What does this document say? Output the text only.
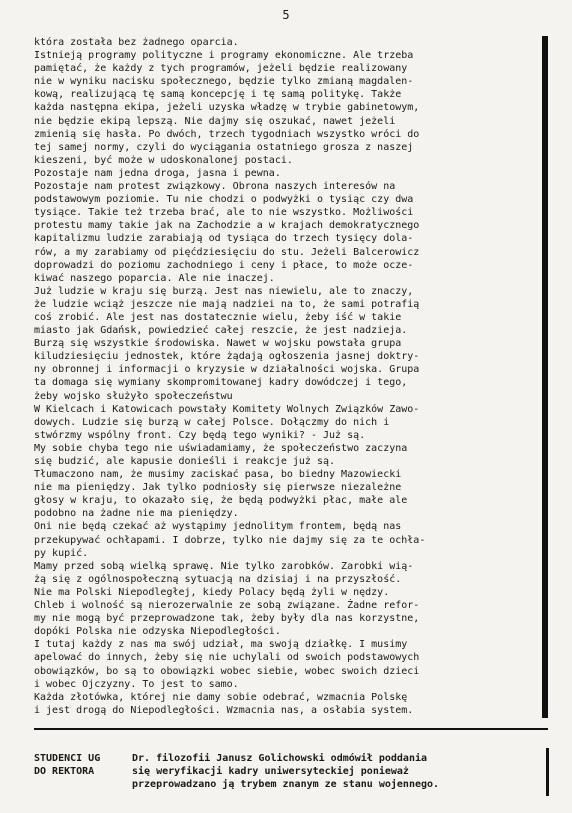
5

która została bez żadnego oparcia.

Istnieją programy polityczne i programy ekonomiczne. Ale trzeba

pamiętać, że każdy z tych programów, jeżeli będzie realizowany

nie w wyniku nacisku społecznego, będzie tylko zmianą magdalen-

kową, realizującą tę samą koncepcję i tę samą politykę. Także

każda następna ekipa, jeżeli uzyska władzę w trybie gabinetowym,

nie będzie ekipą lepszą. Nie dajmy się oszukać, nawet jeżeli

zmienią się hasła. Po dwóch, trzech tygodniach wszystko wróci do

tej samej normy, czyli do wyciągania ostatniego grosza z naszej

kieszeni, być może w udoskonalonej postaci.

Pozostaje nam jedna droga, jasna i pewna.

Pozostaje nam protest związkowy. Obrona naszych interesów na

podstawowym poziomie. Tu nie chodzi o podwyżki o tysiąc czy dwa

tysiące. Takie też trzeba brać, ale to nie wszystko. Możliwości

protestu mamy takie jak na Zachodzie a w krajach demokratycznego

kapitalizmu ludzie zarabiają od tysiąca do trzech tysięcy dola-

rów, a my zarabiamy od pięćdziesięciu do stu. Jeżeli Balcerowicz

doprowadzi do poziomu zachodniego i ceny i płace, to może ocze-

kiwać naszego poparcia. Ale nie inaczej.

Już ludzie w kraju się burzą. Jest nas niewielu, ale to znaczy,

że ludzie wciąż jeszcze nie mają nadziei na to, że sami potrafią

coś zrobić. Ale jest nas dostatecznie wielu, żeby iść w takie

miasto jak Gdańsk, powiedzieć całej reszcie, że jest nadzieja.

Burzą się wszystkie środowiska. Nawet w wojsku powstała grupa

kiludziesięciu jednostek, które żądają ogłoszenia jasnej doktry-

ny obronnej i informacji o kryzysie w działalności wojska. Grupa

ta domaga się wymiany skompromitowanej kadry dowódczej i tego,

żeby wojsko służyło społeczeństwu

W Kielcach i Katowicach powstały Komitety Wolnych Związków Zawo-

dowych. Ludzie się burzą w całej Polsce. Dołączmy do nich i

stwórzmy wspólny front. Czy będą tego wyniki? - Już są.

My sobie chyba tego nie uświadamiamy, że społeczeństwo zaczyna

się budzić, ale kapusie donieśli i reakcje już są.

Tłumaczono nam, że musimy zaciskać pasa, bo biedny Mazowiecki

nie ma pieniędzy. Jak tylko podniosły się pierwsze niezależne

głosy w kraju, to okazało się, że będą podwyżki płac, małe ale

podobno na żadne nie ma pieniędzy.

Oni nie będą czekać aż wystąpimy jednolitym frontem, będą nas

przekupywać ochłapami. I dobrze, tylko nie dajmy się za te ochła-

py kupić.

Mamy przed sobą wielką sprawę. Nie tylko zarobków. Zarobki wią-

żą się z ogólnospołeczną sytuacją na dzisiaj i na przyszłość.

Nie ma Polski Niepodległej, kiedy Polacy będą żyli w nędzy.

Chleb i wolność są nierozerwalnie ze sobą związane. Żadne refor-

my nie mogą być przeprowadzone tak, żeby były dla nas korzystne,

dopóki Polska nie odzyska Niepodległości.

I tutaj każdy z nas ma swój udział, ma swoją działkę. I musimy

apelować do innych, żeby się nie uchylali od swoich podstawowych

obowiązków, bo są to obowiązki wobec siebie, wobec swoich dzieci

i wobec Ojczyzny. To jest to samo.

Każda złotówka, której nie damy sobie odebrać, wzmacnia Polskę

i jest drogą do Niepodległości. Wzmacnia nas, a osłabia system.

STUDENCI UG

DO REKTORA

Dr. filozofii Janusz Golichowski odmówił poddania

się weryfikacji kadry uniwersyteckiej ponieważ

przeprowadzano ją trybem znanym ze stanu wojennego.
